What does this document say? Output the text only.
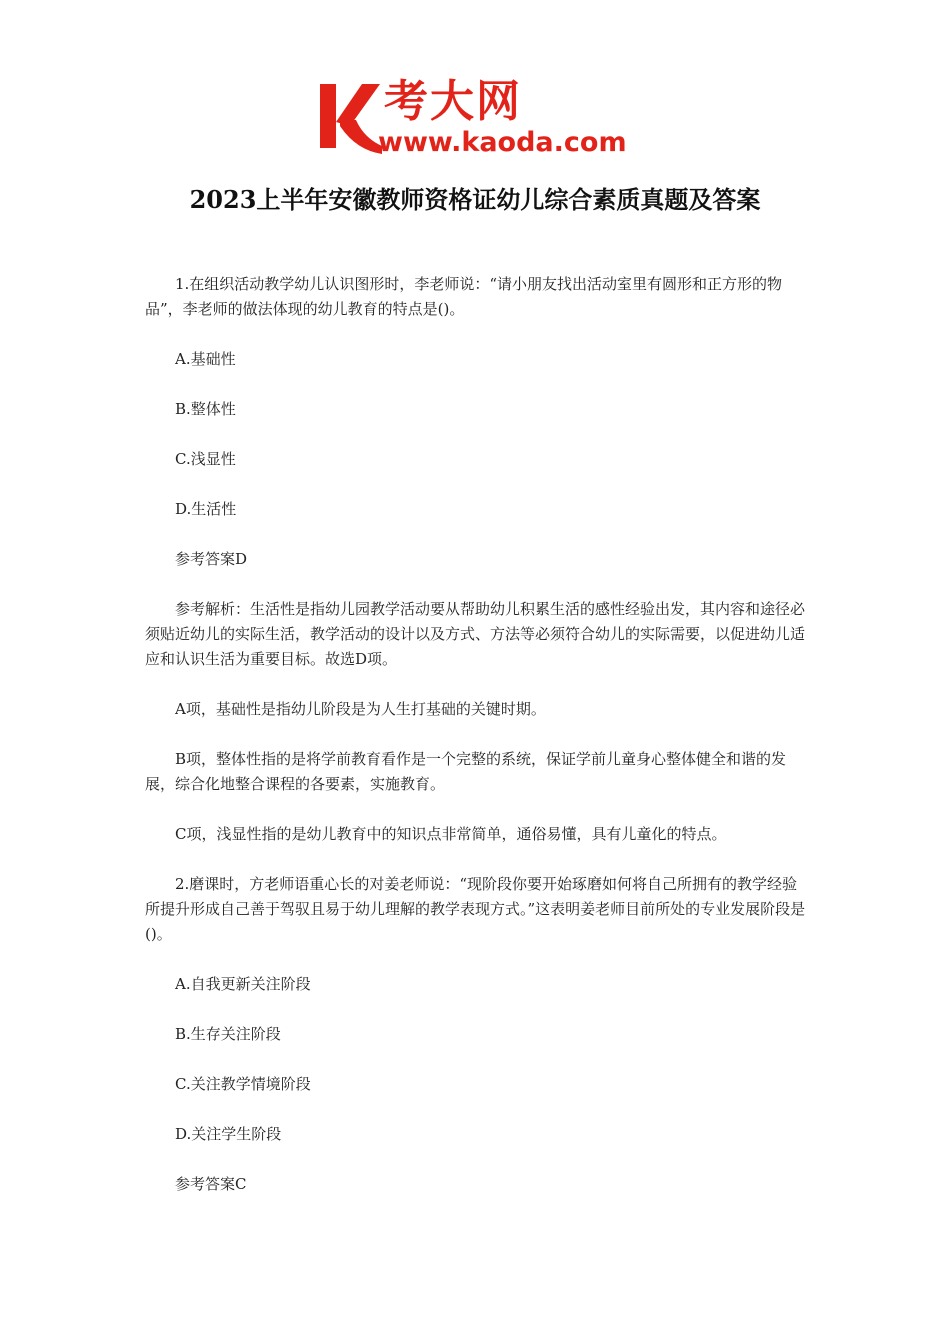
考大网
www.kaoda.com
2023上半年安徽教师资格证幼儿综合素质真题及答案

1.在组织活动教学幼儿认识图形时，李老师说：“请小朋友找出活动室里有圆形和正方形的物品”，李老师的做法体现的幼儿教育的特点是()。

A.基础性

B.整体性

C.浅显性

D.生活性

参考答案D

参考解析：生活性是指幼儿园教学活动要从帮助幼儿积累生活的感性经验出发，其内容和途径必须贴近幼儿的实际生活，教学活动的设计以及方式、方法等必须符合幼儿的实际需要，以促进幼儿适应和认识生活为重要目标。故选D项。

A项，基础性是指幼儿阶段是为人生打基础的关键时期。

B项，整体性指的是将学前教育看作是一个完整的系统，保证学前儿童身心整体健全和谐的发展，综合化地整合课程的各要素，实施教育。

C项，浅显性指的是幼儿教育中的知识点非常简单，通俗易懂，具有儿童化的特点。

2.磨课时，方老师语重心长的对姜老师说：“现阶段你要开始琢磨如何将自己所拥有的教学经验所提升形成自己善于驾驭且易于幼儿理解的教学表现方式。”这表明姜老师目前所处的专业发展阶段是()。

A.自我更新关注阶段

B.生存关注阶段

C.关注教学情境阶段

D.关注学生阶段

参考答案C
